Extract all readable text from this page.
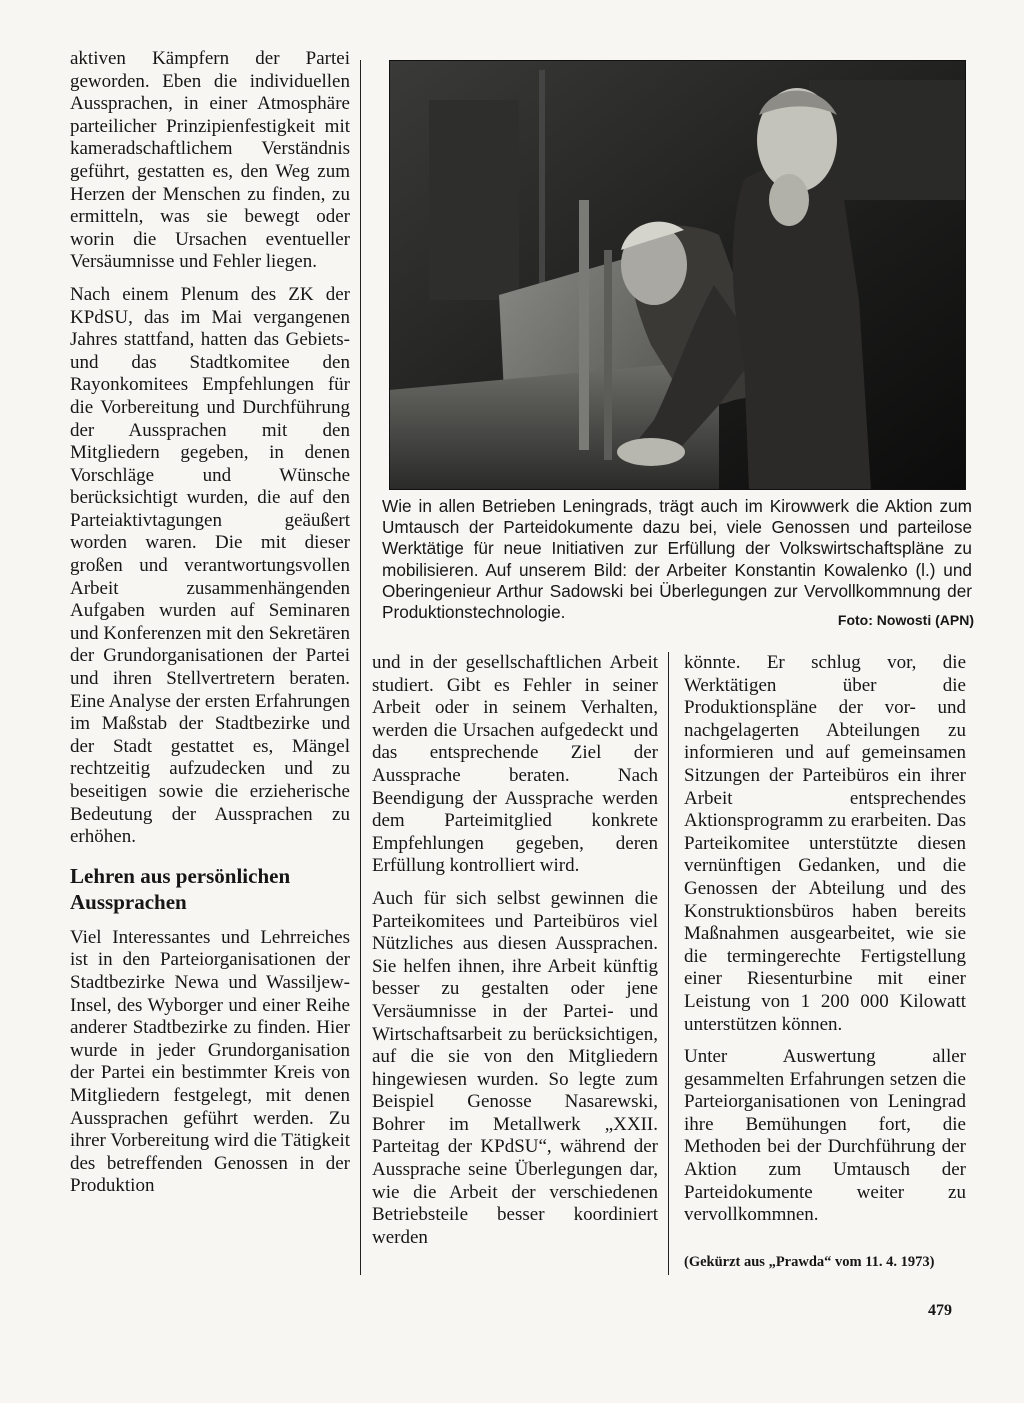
aktiven Kämpfern der Partei geworden. Eben die individuellen Aussprachen, in einer Atmosphäre parteilicher Prinzipienfestigkeit mit kameradschaftlichem Verständnis geführt, gestatten es, den Weg zum Herzen der Menschen zu finden, zu ermitteln, was sie bewegt oder worin die Ursachen eventueller Versäumnisse und Fehler liegen.

Nach einem Plenum des ZK der KPdSU, das im Mai vergangenen Jahres stattfand, hatten das Gebiets- und das Stadtkomitee den Rayonkomitees Empfehlungen für die Vorbereitung und Durchführung der Aussprachen mit den Mitgliedern gegeben, in denen Vorschläge und Wünsche berücksichtigt wurden, die auf den Parteiaktivtagungen geäußert worden waren. Die mit dieser großen und verantwortungsvollen Arbeit zusammenhängenden Aufgaben wurden auf Seminaren und Konferenzen mit den Sekretären der Grundorganisationen der Partei und ihren Stellvertretern beraten. Eine Analyse der ersten Erfahrungen im Maßstab der Stadtbezirke und der Stadt gestattet es, Mängel rechtzeitig aufzudecken und zu beseitigen sowie die erzieherische Bedeutung der Aussprachen zu erhöhen.

Lehren aus persönlichen Aussprachen

Viel Interessantes und Lehrreiches ist in den Parteiorganisationen der Stadtbezirke Newa und Wassiljew-Insel, des Wyborger und einer Reihe anderer Stadtbezirke zu finden. Hier wurde in jeder Grundorganisation der Partei ein bestimmter Kreis von Mitgliedern festgelegt, mit denen Aussprachen geführt werden. Zu ihrer Vorbereitung wird die Tätigkeit des betreffenden Genossen in der Produktion

Wie in allen Betrieben Leningrads, trägt auch im Kirowwerk die Aktion zum Umtausch der Parteidokumente dazu bei, viele Genossen und parteilose Werktätige für neue Initiativen zur Erfüllung der Volkswirtschaftspläne zu mobilisieren. Auf unserem Bild: der Arbeiter Konstantin Kowalenko (l.) und Oberingenieur Arthur Sadowski bei Überlegungen zur Vervollkommnung der Produktionstechnologie.	Foto: Nowosti (APN)

und in der gesellschaftlichen Arbeit studiert. Gibt es Fehler in seiner Arbeit oder in seinem Verhalten, werden die Ursachen aufgedeckt und das entsprechende Ziel der Aussprache beraten. Nach Beendigung der Aussprache werden dem Parteimitglied konkrete Empfehlungen gegeben, deren Erfüllung kontrolliert wird.

Auch für sich selbst gewinnen die Parteikomitees und Parteibüros viel Nützliches aus diesen Aussprachen. Sie helfen ihnen, ihre Arbeit künftig besser zu gestalten oder jene Versäumnisse in der Partei- und Wirtschaftsarbeit zu berücksichtigen, auf die sie von den Mitgliedern hingewiesen wurden. So legte zum Beispiel Genosse Nasarewski, Bohrer im Metallwerk „XXII. Parteitag der KPdSU“, während der Aussprache seine Überlegungen dar, wie die Arbeit der verschiedenen Betriebsteile besser koordiniert werden

könnte. Er schlug vor, die Werktätigen über die Produktionspläne der vor- und nachgelagerten Abteilungen zu informieren und auf gemeinsamen Sitzungen der Parteibüros ein ihrer Arbeit entsprechendes Aktionsprogramm zu erarbeiten. Das Parteikomitee unterstützte diesen vernünftigen Gedanken, und die Genossen der Abteilung und des Konstruktionsbüros haben bereits Maßnahmen ausgearbeitet, wie sie die termingerechte Fertigstellung einer Riesenturbine mit einer Leistung von 1 200 000 Kilowatt unterstützen können.

Unter Auswertung aller gesammelten Erfahrungen setzen die Parteiorganisationen von Leningrad ihre Bemühungen fort, die Methoden bei der Durchführung der Aktion zum Umtausch der Parteidokumente weiter zu vervollkommnen.

(Gekürzt aus „Prawda“ vom 11. 4. 1973)
479
